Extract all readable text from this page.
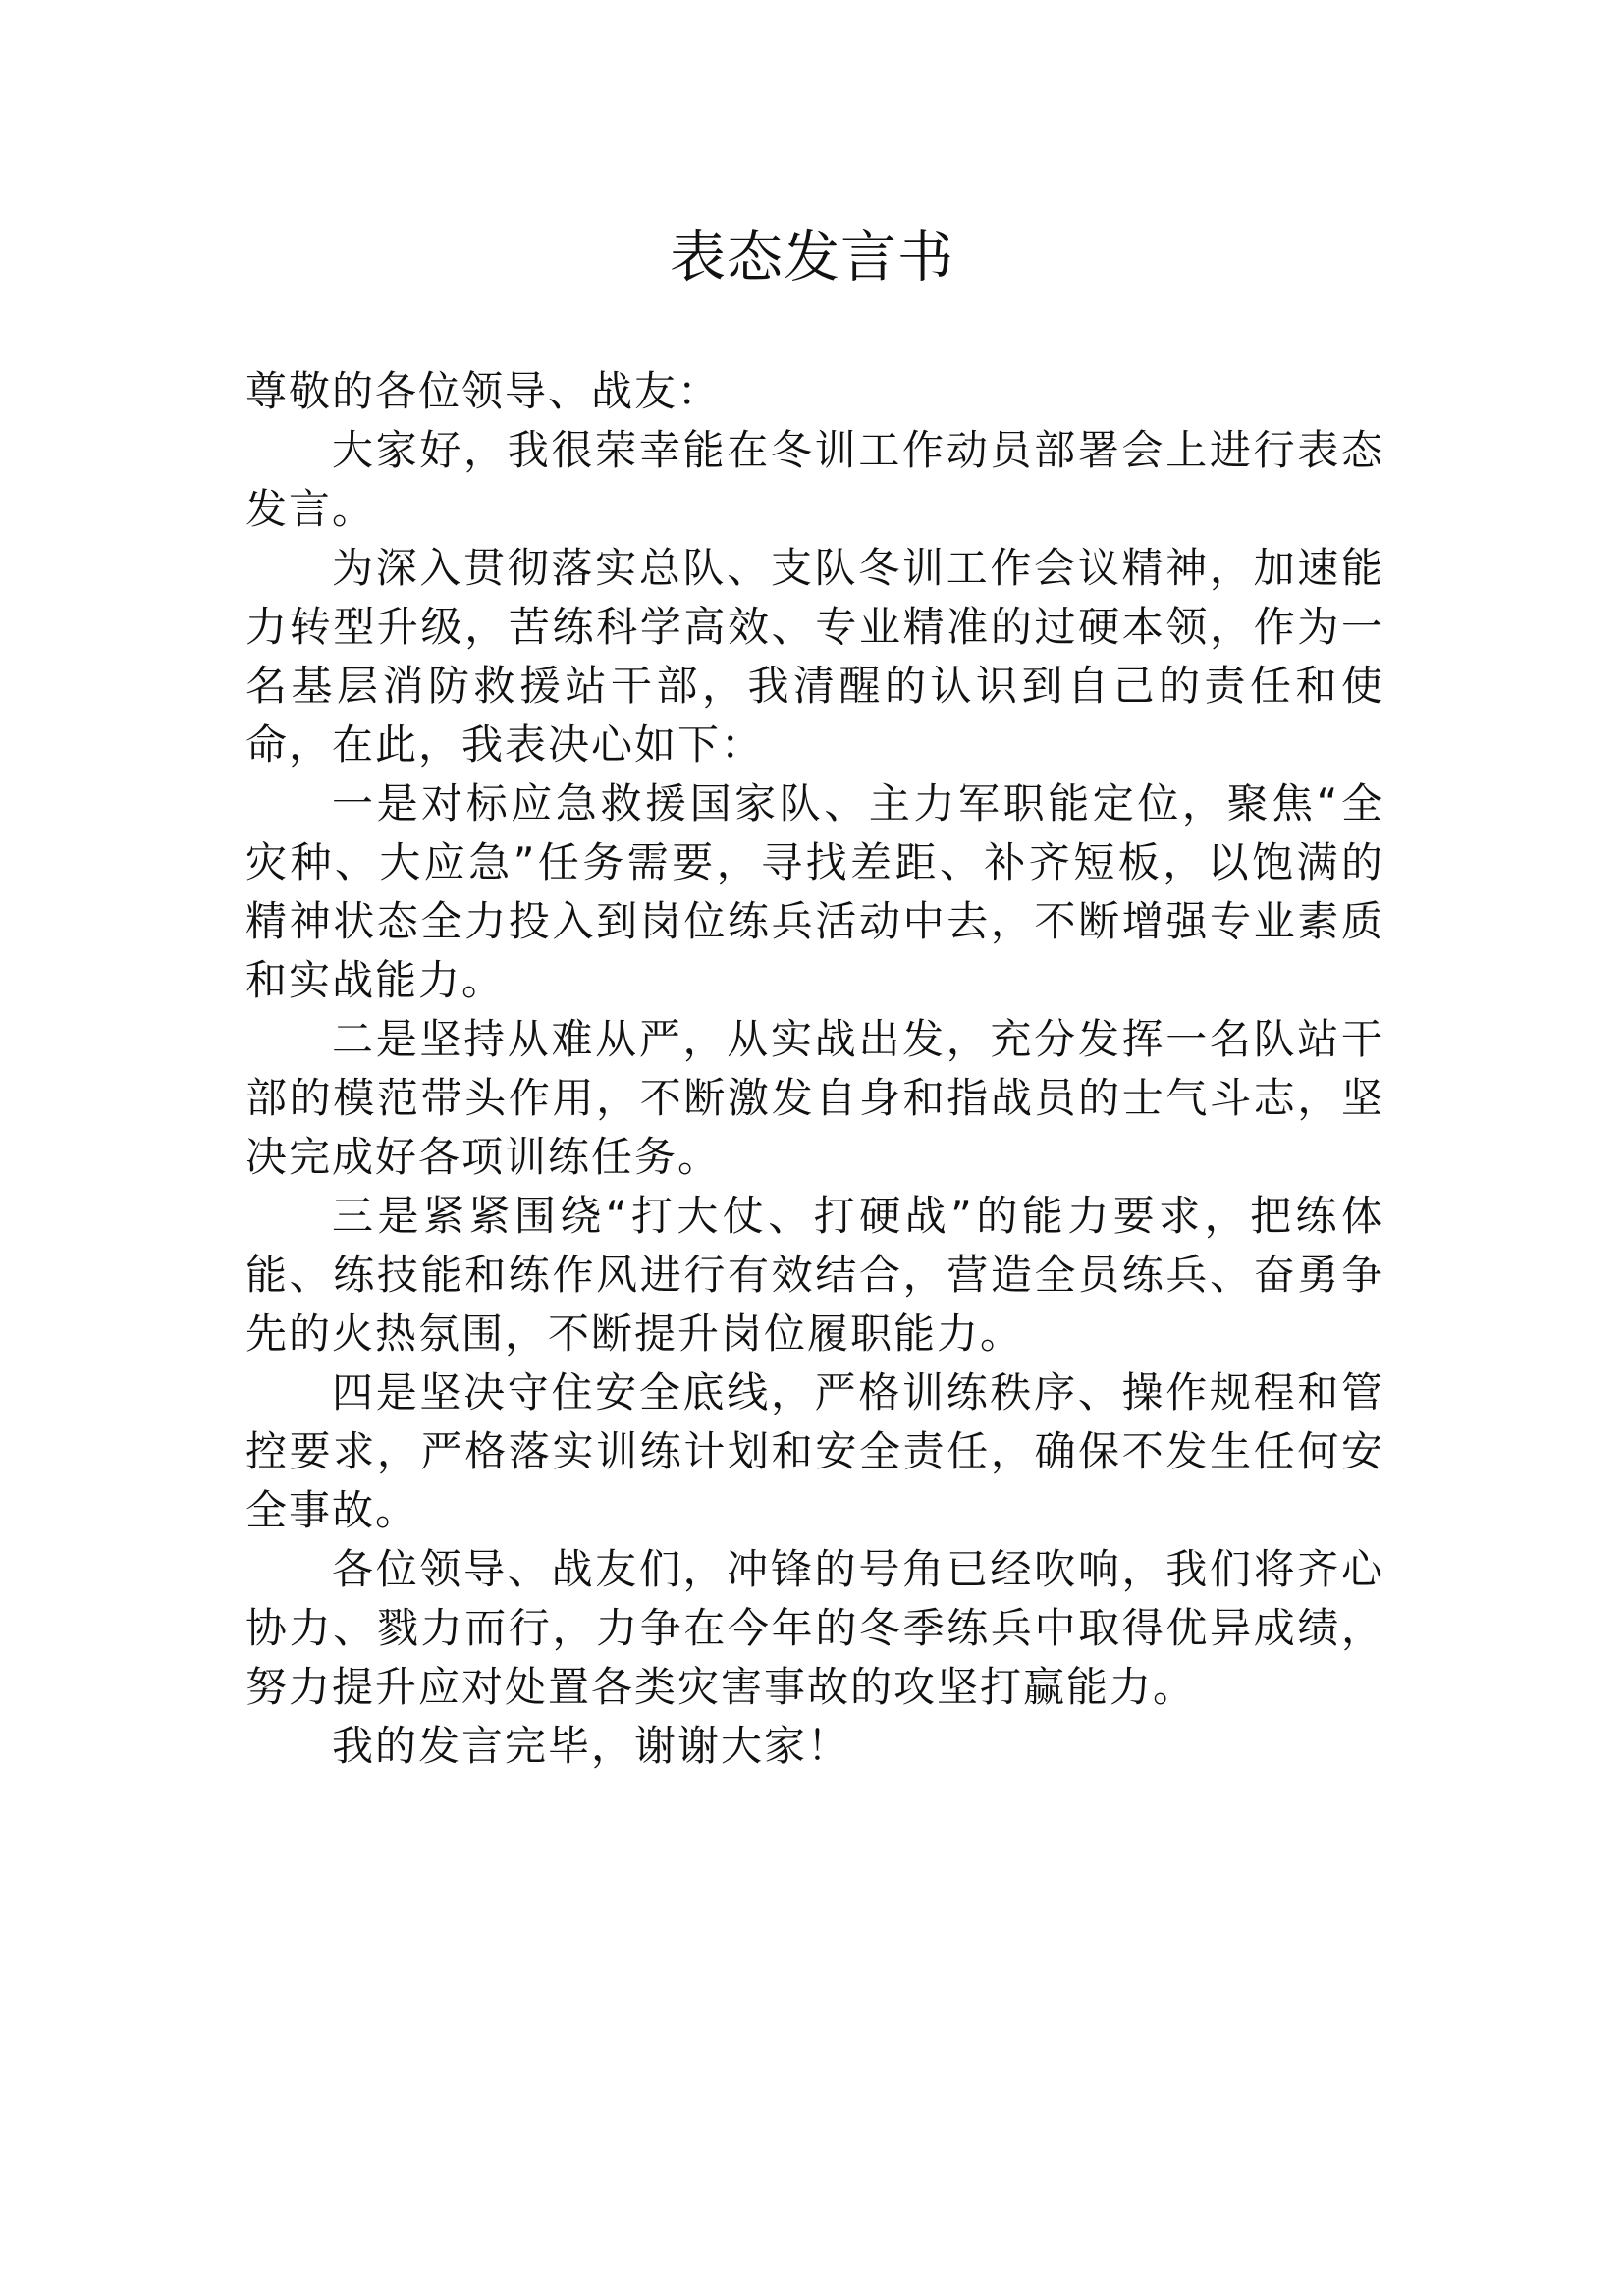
表态发言书

尊敬的各位领导、战友：

大家好，我很荣幸能在冬训工作动员部署会上进行表态发言。

为深入贯彻落实总队、支队冬训工作会议精神，加速能力转型升级，苦练科学高效、专业精准的过硬本领，作为一名基层消防救援站干部，我清醒的认识到自己的责任和使命，在此，我表决心如下：

一是对标应急救援国家队、主力军职能定位，聚焦“全灾种、大应急”任务需要，寻找差距、补齐短板，以饱满的精神状态全力投入到岗位练兵活动中去，不断增强专业素质和实战能力。

二是坚持从难从严，从实战出发，充分发挥一名队站干部的模范带头作用，不断激发自身和指战员的士气斗志，坚决完成好各项训练任务。

三是紧紧围绕“打大仗、打硬战”的能力要求，把练体能、练技能和练作风进行有效结合，营造全员练兵、奋勇争先的火热氛围，不断提升岗位履职能力。

四是坚决守住安全底线，严格训练秩序、操作规程和管控要求，严格落实训练计划和安全责任，确保不发生任何安全事故。

各位领导、战友们，冲锋的号角已经吹响，我们将齐心协力、戮力而行，力争在今年的冬季练兵中取得优异成绩，努力提升应对处置各类灾害事故的攻坚打赢能力。

我的发言完毕，谢谢大家！
